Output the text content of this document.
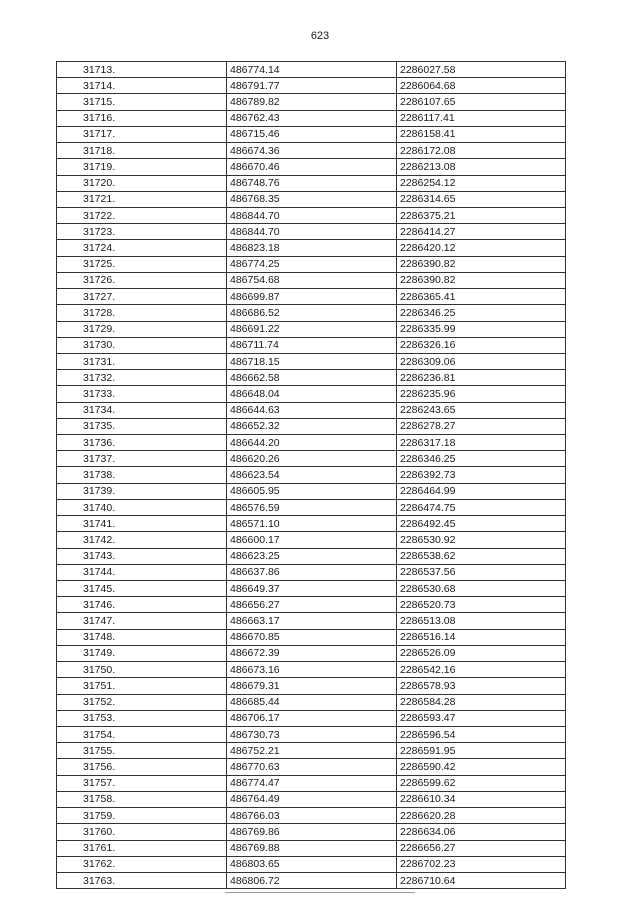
623
31713.	486774.14	2286027.58
31714.	486791.77	2286064.68
31715.	486789.82	2286107.65
31716.	486762.43	2286117.41
31717.	486715.46	2286158.41
31718.	486674.36	2286172.08
31719.	486670.46	2286213.08
31720.	486748.76	2286254.12
31721.	486768.35	2286314.65
31722.	486844.70	2286375.21
31723.	486844.70	2286414.27
31724.	486823.18	2286420.12
31725.	486774.25	2286390.82
31726.	486754.68	2286390.82
31727.	486699.87	2286365.41
31728.	486686.52	2286346.25
31729.	486691.22	2286335.99
31730.	486711.74	2286326.16
31731.	486718.15	2286309.06
31732.	486662.58	2286236.81
31733.	486648.04	2286235.96
31734.	486644.63	2286243.65
31735.	486652.32	2286278.27
31736.	486644.20	2286317.18
31737.	486620.26	2286346.25
31738.	486623.54	2286392.73
31739.	486605.95	2286464.99
31740.	486576.59	2286474.75
31741.	486571.10	2286492.45
31742.	486600.17	2286530.92
31743.	486623.25	2286538.62
31744.	486637.86	2286537.56
31745.	486649.37	2286530.68
31746.	486656.27	2286520.73
31747.	486663.17	2286513.08
31748.	486670.85	2286516.14
31749.	486672.39	2286526.09
31750.	486673.16	2286542.16
31751.	486679.31	2286578.93
31752.	486685.44	2286584.28
31753.	486706.17	2286593.47
31754.	486730.73	2286596.54
31755.	486752.21	2286591.95
31756.	486770.63	2286590.42
31757.	486774.47	2286599.62
31758.	486764.49	2286610.34
31759.	486766.03	2286620.28
31760.	486769.86	2286634.06
31761.	486769.88	2286656.27
31762.	486803.65	2286702.23
31763.	486806.72	2286710.64
